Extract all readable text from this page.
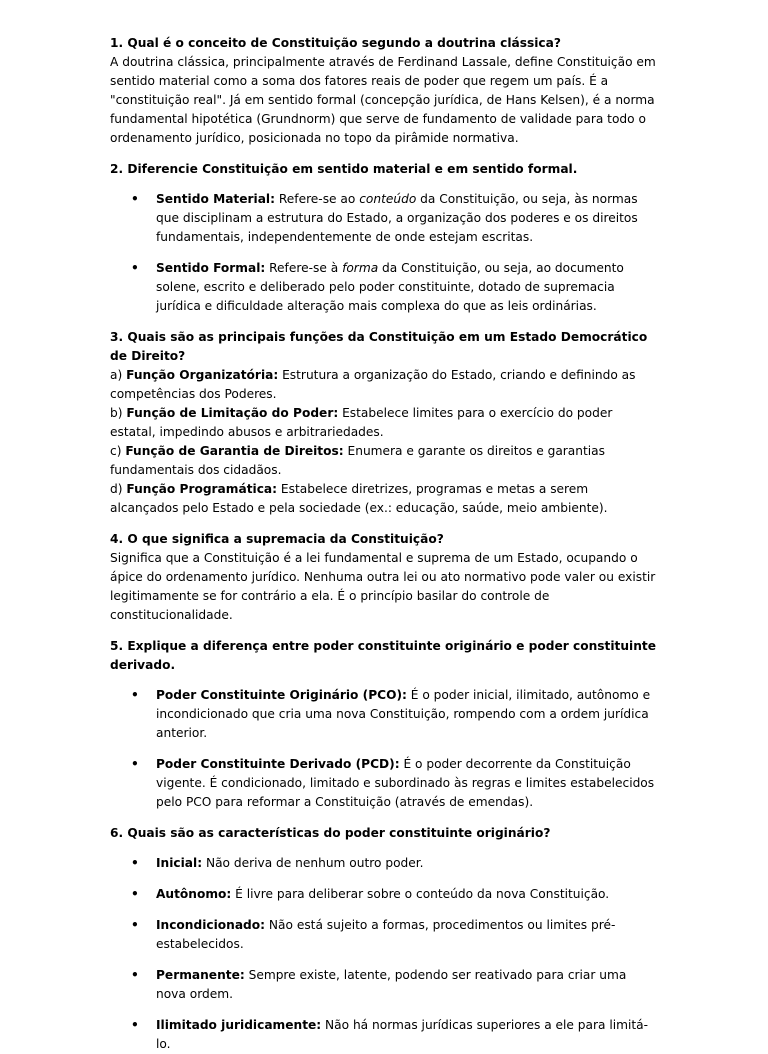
1. Qual é o conceito de Constituição segundo a doutrina clássica?

A doutrina clássica, principalmente através de Ferdinand Lassale, define Constituição em sentido material como a soma dos fatores reais de poder que regem um país. É a "constituição real". Já em sentido formal (concepção jurídica, de Hans Kelsen), é a norma fundamental hipotética (Grundnorm) que serve de fundamento de validade para todo o ordenamento jurídico, posicionada no topo da pirâmide normativa.

2. Diferencie Constituição em sentido material e em sentido formal.

• Sentido Material: Refere-se ao conteúdo da Constituição, ou seja, às normas que disciplinam a estrutura do Estado, a organização dos poderes e os direitos fundamentais, independentemente de onde estejam escritas.
• Sentido Formal: Refere-se à forma da Constituição, ou seja, ao documento solene, escrito e deliberado pelo poder constituinte, dotado de supremacia jurídica e dificuldade alteração mais complexa do que as leis ordinárias.

3. Quais são as principais funções da Constituição em um Estado Democrático de Direito?

a) Função Organizatória: Estrutura a organização do Estado, criando e definindo as competências dos Poderes.

b) Função de Limitação do Poder: Estabelece limites para o exercício do poder estatal, impedindo abusos e arbitrariedades.

c) Função de Garantia de Direitos: Enumera e garante os direitos e garantias fundamentais dos cidadãos.

d) Função Programática: Estabelece diretrizes, programas e metas a serem alcançados pelo Estado e pela sociedade (ex.: educação, saúde, meio ambiente).

4. O que significa a supremacia da Constituição?

Significa que a Constituição é a lei fundamental e suprema de um Estado, ocupando o ápice do ordenamento jurídico. Nenhuma outra lei ou ato normativo pode valer ou existir legitimamente se for contrário a ela. É o princípio basilar do controle de constitucionalidade.

5. Explique a diferença entre poder constituinte originário e poder constituinte derivado.

• Poder Constituinte Originário (PCO): É o poder inicial, ilimitado, autônomo e incondicionado que cria uma nova Constituição, rompendo com a ordem jurídica anterior.
• Poder Constituinte Derivado (PCD): É o poder decorrente da Constituição vigente. É condicionado, limitado e subordinado às regras e limites estabelecidos pelo PCO para reformar a Constituição (através de emendas).

6. Quais são as características do poder constituinte originário?

• Inicial: Não deriva de nenhum outro poder.
• Autônomo: É livre para deliberar sobre o conteúdo da nova Constituição.
• Incondicionado: Não está sujeito a formas, procedimentos ou limites pré-estabelecidos.
• Permanente: Sempre existe, latente, podendo ser reativado para criar uma nova ordem.
• Ilimitado juridicamente: Não há normas jurídicas superiores a ele para limitá-lo.
